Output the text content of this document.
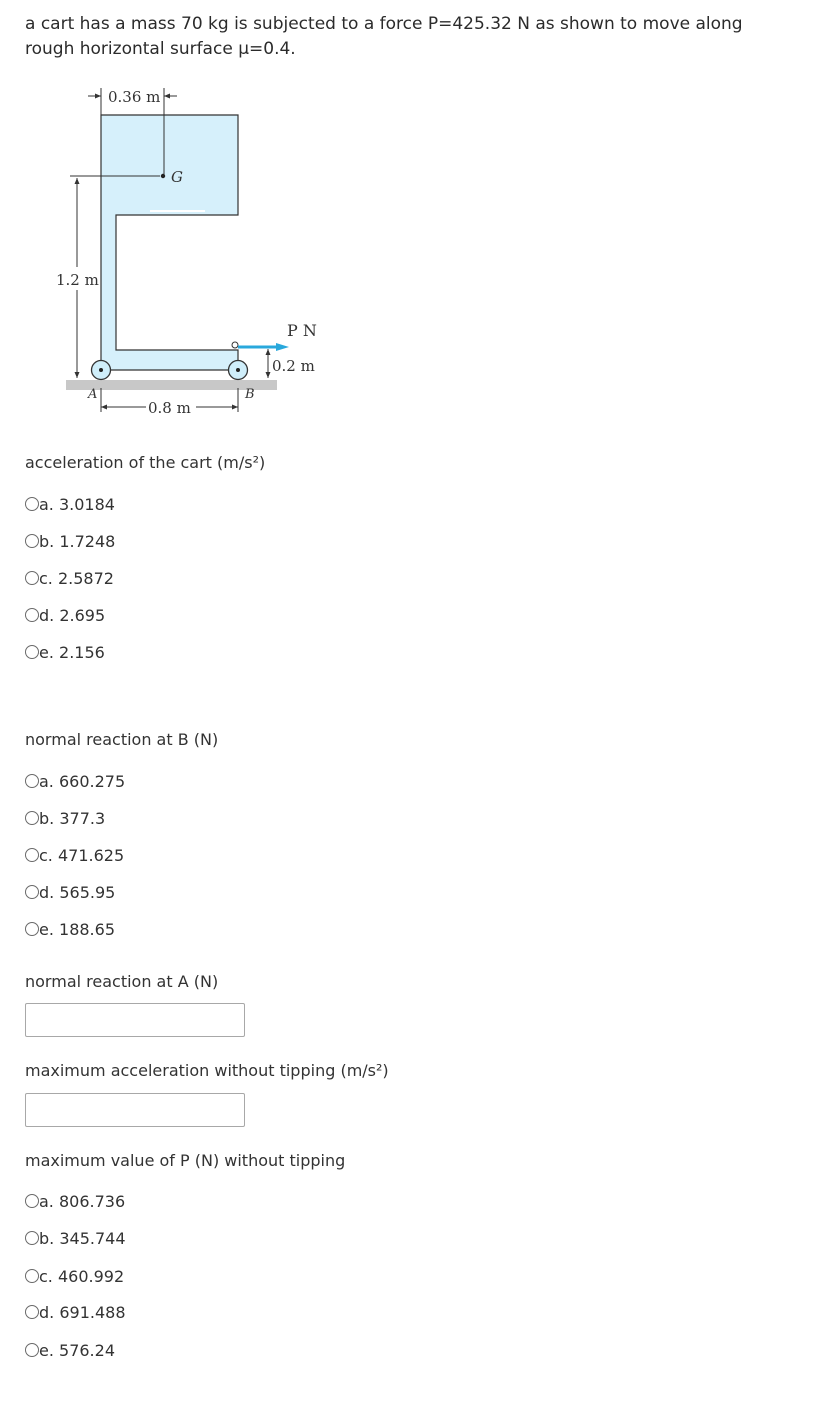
a cart has a mass 70 kg is subjected to a force P=425.32 N as shown to move along rough horizontal surface μ=0.4.

0.36 m
G
1.2 m
P N
0.2 m
A	B
0.8 m
acceleration of the cart (m/s²)
a. 3.0184
b. 1.7248
c. 2.5872
d. 2.695
e. 2.156
normal reaction at B (N)
a. 660.275
b. 377.3
c. 471.625
d. 565.95
e. 188.65
normal reaction at A (N)
maximum acceleration without tipping (m/s²)
maximum value of P (N) without tipping
a. 806.736
b. 345.744
c. 460.992
d. 691.488
e. 576.24
